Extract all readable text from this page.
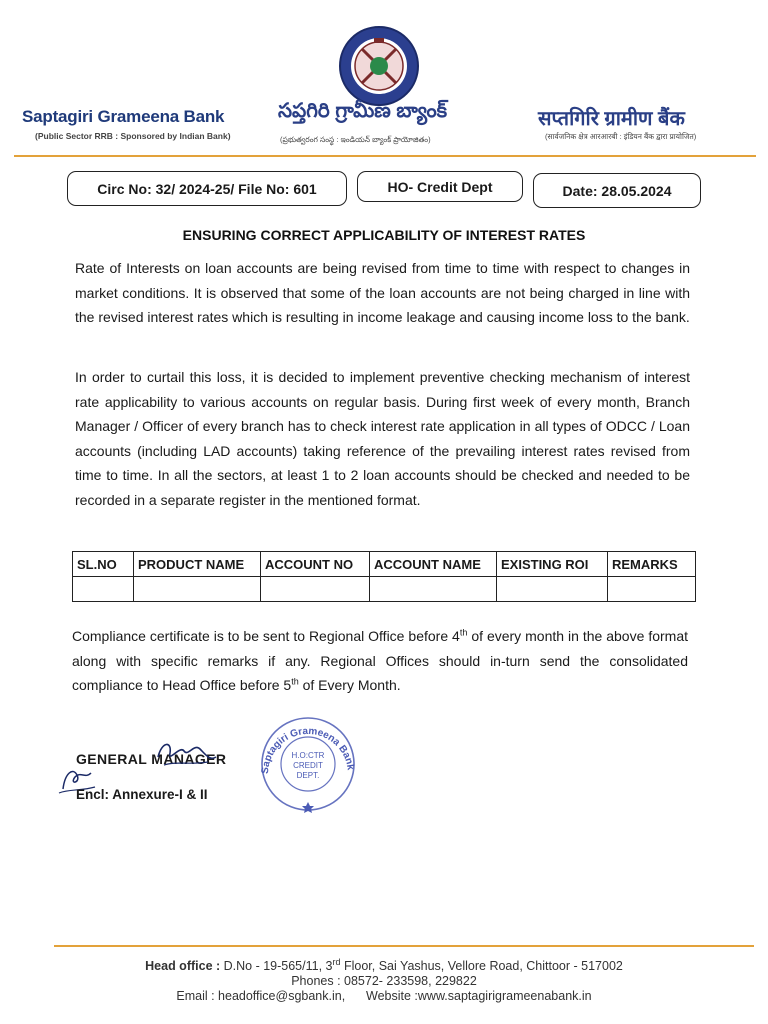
Saptagiri Grameena Bank
(Public Sector RRB : Sponsored by Indian Bank)
సప్తగిరి గ్రామీణ బ్యాంక్
(ప్రభుత్వరంగ సంస్థ : ఇండియన్ బ్యాంక్ ప్రాయోజితం)
सप्तगिरि ग्रामीण बैंक
(सार्वजनिक क्षेत्र आरआरबी : इंडियन बैंक द्वारा प्रायोजित)
Circ No: 32/ 2024-25/ File No: 601	HO- Credit Dept	Date: 28.05.2024
ENSURING CORRECT APPLICABILITY OF INTEREST RATES
Rate of Interests on loan accounts are being revised from time to time with respect to changes in market conditions. It is observed that some of the loan accounts are not being charged in line with the revised interest rates which is resulting in income leakage and causing income loss to the bank.
In order to curtail this loss, it is decided to implement preventive checking mechanism of interest rate applicability to various accounts on regular basis. During first week of every month, Branch Manager / Officer of every branch has to check interest rate application in all types of ODCC / Loan accounts (including LAD accounts) taking reference of the prevailing interest rates revised from time to time. In all the sectors, at least 1 to 2 loan accounts should be checked and needed to be recorded in a separate register in the mentioned format.
SL.NO	PRODUCT NAME	ACCOUNT NO	ACCOUNT NAME	EXISTING ROI	REMARKS

Compliance certificate is to be sent to Regional Office before 4th of every month in the above format along with specific remarks if any. Regional Offices should in-turn send the consolidated compliance to Head Office before 5th of Every Month.
GENERAL MANAGER
Encl: Annexure-I & II
Saptagiri Grameena Bank
H.O:CTR
CREDIT
DEPT.
Head office : D.No - 19-565/11, 3rd Floor, Sai Yashus, Vellore Road, Chittoor - 517002
Phones : 08572- 233598, 229822
Email : headoffice@sgbank.in,      Website :www.saptagirigrameenabank.in
